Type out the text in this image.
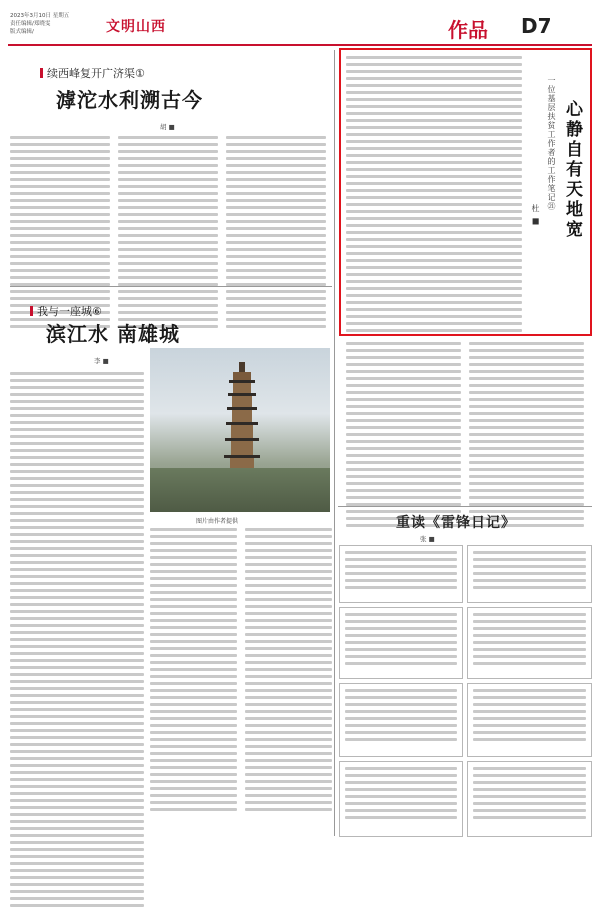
2023年3月10日 星期五
责任编辑/郑晓雯
版式编辑/	文明山西	作品 D7
续西峰复开广济渠①
滹沱水利溯古今
胡 ■
我与一座城⑥
滨江水 南雄城
李 ■
图片由作者提供
心静自有天地宽
一位基层扶贫工作者的工作笔记㉑
杜 ■
重读《雷锋日记》
张 ■
